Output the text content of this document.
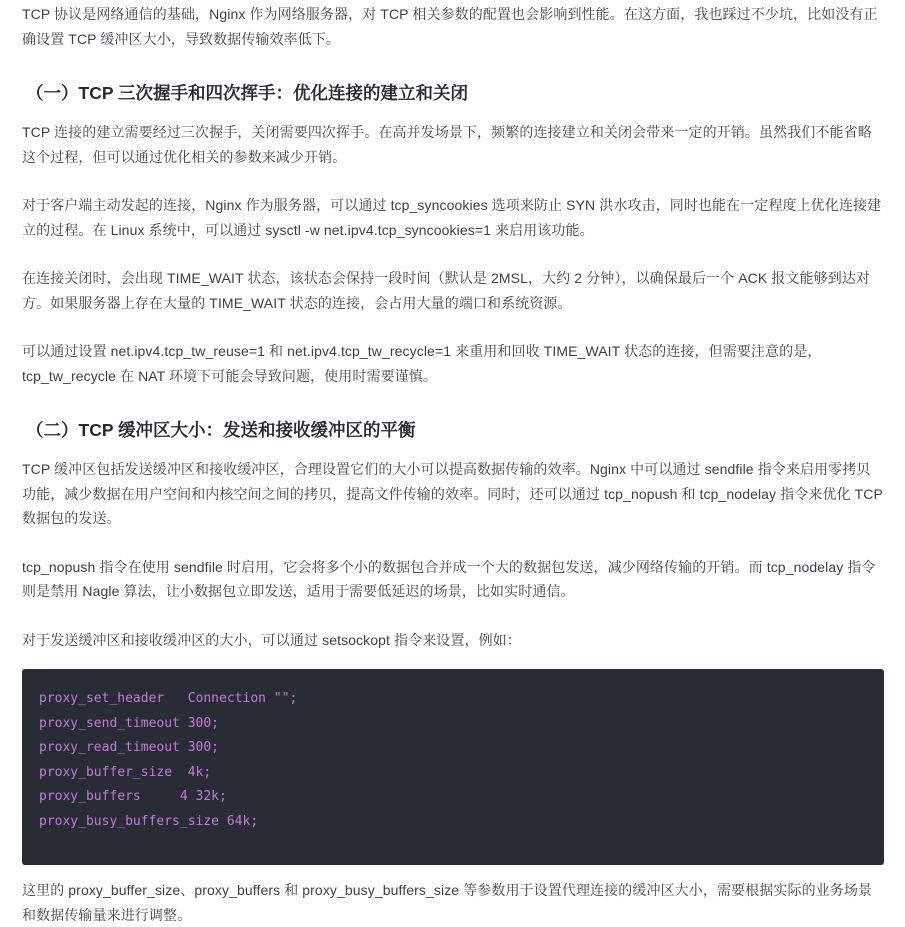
TCP 协议是网络通信的基础，Nginx 作为网络服务器，对 TCP 相关参数的配置也会影响到性能。在这方面，我也踩过不少坑，比如没有正确设置 TCP 缓冲区大小，导致数据传输效率低下。

（一）TCP 三次握手和四次挥手：优化连接的建立和关闭

TCP 连接的建立需要经过三次握手，关闭需要四次挥手。在高并发场景下，频繁的连接建立和关闭会带来一定的开销。虽然我们不能省略这个过程，但可以通过优化相关的参数来减少开销。

对于客户端主动发起的连接，Nginx 作为服务器，可以通过 tcp_syncookies 选项来防止 SYN 洪水攻击，同时也能在一定程度上优化连接建立的过程。在 Linux 系统中，可以通过 sysctl -w net.ipv4.tcp_syncookies=1 来启用该功能。

在连接关闭时，会出现 TIME_WAIT 状态，该状态会保持一段时间（默认是 2MSL，大约 2 分钟），以确保最后一个 ACK 报文能够到达对方。如果服务器上存在大量的 TIME_WAIT 状态的连接，会占用大量的端口和系统资源。

可以通过设置 net.ipv4.tcp_tw_reuse=1 和 net.ipv4.tcp_tw_recycle=1 来重用和回收 TIME_WAIT 状态的连接，但需要注意的是，tcp_tw_recycle 在 NAT 环境下可能会导致问题，使用时需要谨慎。

（二）TCP 缓冲区大小：发送和接收缓冲区的平衡

TCP 缓冲区包括发送缓冲区和接收缓冲区，合理设置它们的大小可以提高数据传输的效率。Nginx 中可以通过 sendfile 指令来启用零拷贝功能，减少数据在用户空间和内核空间之间的拷贝，提高文件传输的效率。同时，还可以通过 tcp_nopush 和 tcp_nodelay 指令来优化 TCP 数据包的发送。

tcp_nopush 指令在使用 sendfile 时启用，它会将多个小的数据包合并成一个大的数据包发送，减少网络传输的开销。而 tcp_nodelay 指令则是禁用 Nagle 算法，让小数据包立即发送，适用于需要低延迟的场景，比如实时通信。

对于发送缓冲区和接收缓冲区的大小，可以通过 setsockopt 指令来设置，例如：

proxy_set_header   Connection "";
proxy_send_timeout 300;
proxy_read_timeout 300;
proxy_buffer_size  4k;
proxy_buffers     4 32k;
proxy_busy_buffers_size 64k;

这里的 proxy_buffer_size、proxy_buffers 和 proxy_busy_buffers_size 等参数用于设置代理连接的缓冲区大小，需要根据实际的业务场景和数据传输量来进行调整。
